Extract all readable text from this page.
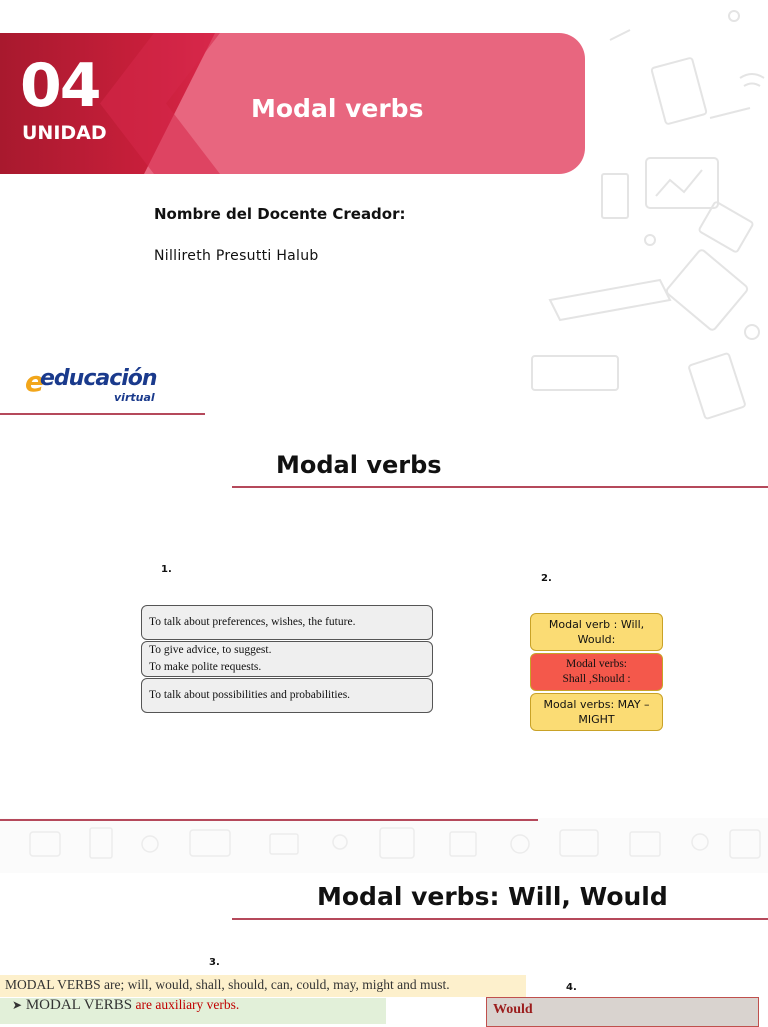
04
UNIDAD
Modal verbs
Nombre del Docente Creador:
Nillireth Presutti Halub
e
educación
virtual
Modal verbs
1.
2.
To talk about preferences, wishes, the future.
To give advice, to suggest.
To make polite requests.
To talk about possibilities and probabilities.
Modal verb : Will,
Would:
Modal verbs:
Shall ,Should :
Modal verbs: MAY –
MIGHT
Modal verbs: Will, Would
3.
4.
MODAL VERBS are; will, would, shall, should, can, could, may, might and must.
➤ MODAL VERBS are auxiliary verbs.	Would
